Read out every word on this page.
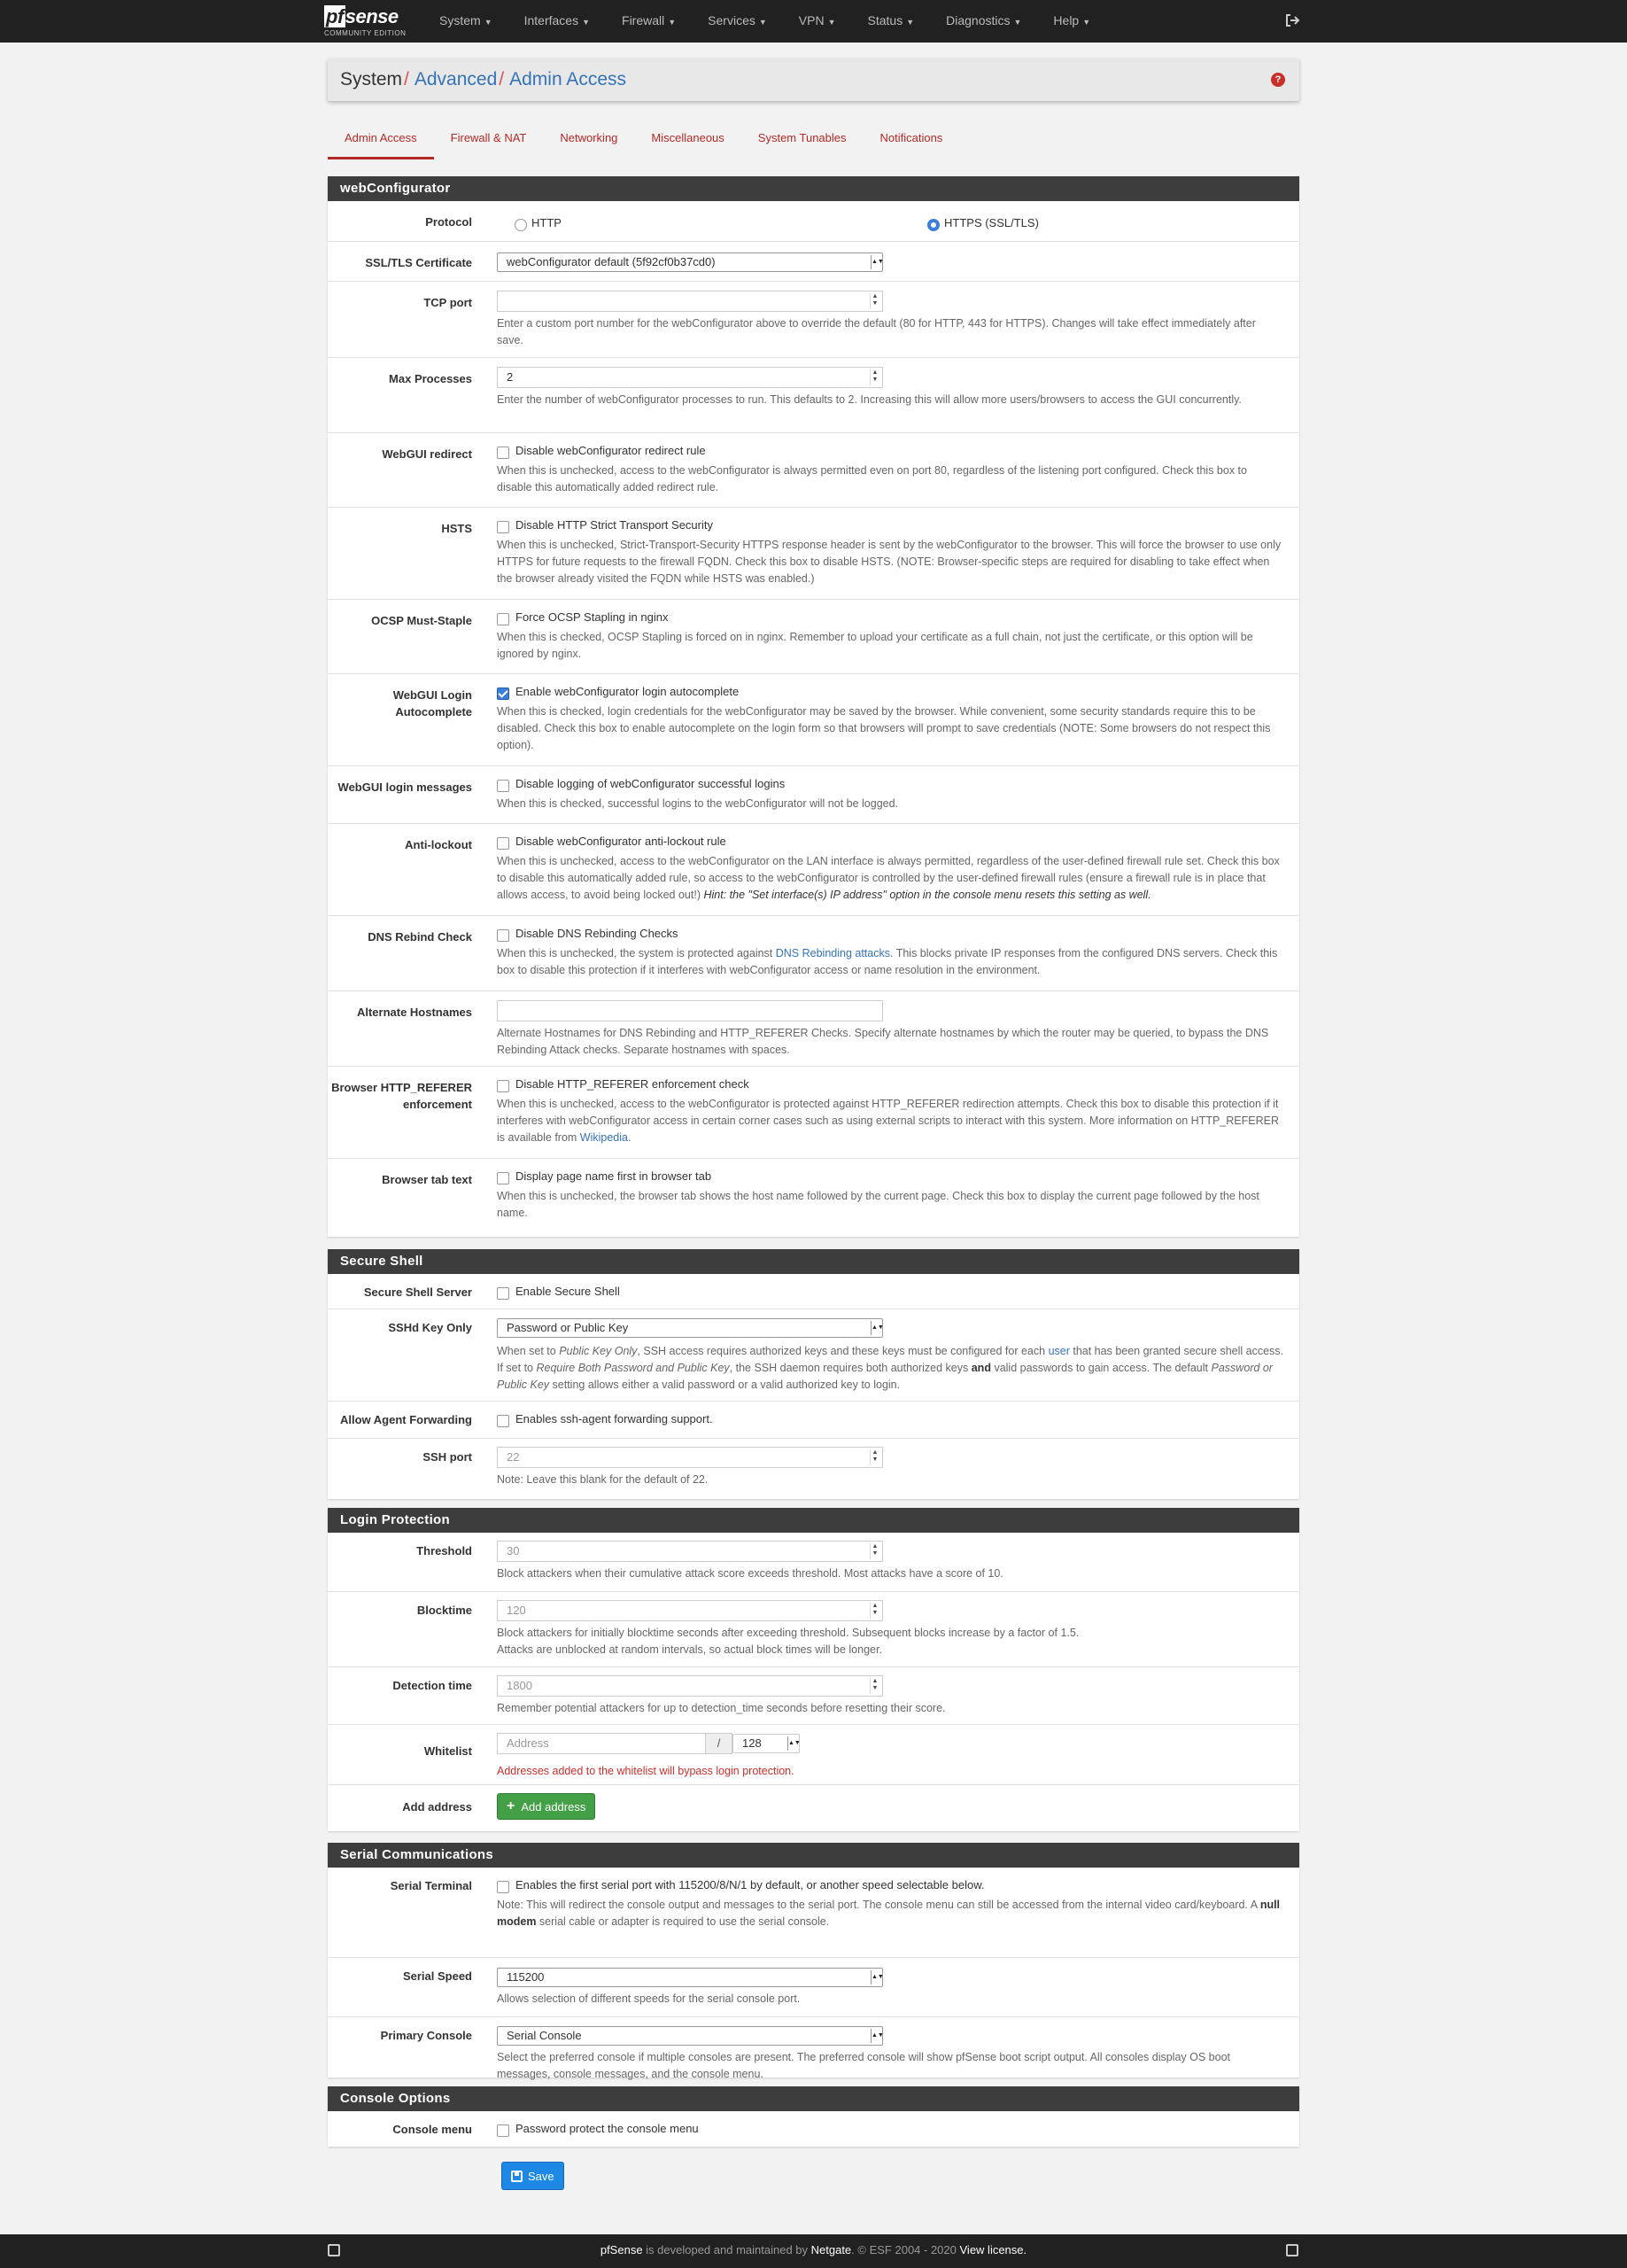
pfsense
COMMUNITY EDITION
System ▼	Interfaces ▼	Firewall ▼	Services ▼	VPN ▼	Status ▼	Diagnostics ▼	Help ▼
System/ Advanced/ Admin Access	?
Admin Access	Firewall & NAT	Networking	Miscellaneous	System Tunables	Notifications
webConfigurator
Protocol	HTTP	HTTPS (SSL/TLS)
SSL/TLS Certificate	webConfigurator default (5f92cf0b37cd0)	▲▼
TCP port	▲
▼
Enter a custom port number for the webConfigurator above to override the default (80 for HTTP, 443 for HTTPS). Changes will take effect immediately after save.
Max Processes	2	▲
▼
Enter the number of webConfigurator processes to run. This defaults to 2. Increasing this will allow more users/browsers to access the GUI concurrently.
WebGUI redirect	Disable webConfigurator redirect rule
When this is unchecked, access to the webConfigurator is always permitted even on port 80, regardless of the listening port configured. Check this box to disable this automatically added redirect rule.
HSTS	Disable HTTP Strict Transport Security
When this is unchecked, Strict-Transport-Security HTTPS response header is sent by the webConfigurator to the browser. This will force the browser to use only HTTPS for future requests to the firewall FQDN. Check this box to disable HSTS. (NOTE: Browser-specific steps are required for disabling to take effect when the browser already visited the FQDN while HSTS was enabled.)
OCSP Must-Staple	Force OCSP Stapling in nginx
When this is checked, OCSP Stapling is forced on in nginx. Remember to upload your certificate as a full chain, not just the certificate, or this option will be ignored by nginx.
WebGUI Login
Autocomplete
Enable webConfigurator login autocomplete
When this is checked, login credentials for the webConfigurator may be saved by the browser. While convenient, some security standards require this to be disabled. Check this box to enable autocomplete on the login form so that browsers will prompt to save credentials (NOTE: Some browsers do not respect this option).
WebGUI login messages	Disable logging of webConfigurator successful logins
When this is checked, successful logins to the webConfigurator will not be logged.
Anti-lockout	Disable webConfigurator anti-lockout rule
When this is unchecked, access to the webConfigurator on the LAN interface is always permitted, regardless of the user-defined firewall rule set. Check this box to disable this automatically added rule, so access to the webConfigurator is controlled by the user-defined firewall rules (ensure a firewall rule is in place that allows access, to avoid being locked out!) Hint: the "Set interface(s) IP address" option in the console menu resets this setting as well.
DNS Rebind Check	Disable DNS Rebinding Checks
When this is unchecked, the system is protected against DNS Rebinding attacks. This blocks private IP responses from the configured DNS servers. Check this box to disable this protection if it interferes with webConfigurator access or name resolution in the environment.
Alternate Hostnames
Alternate Hostnames for DNS Rebinding and HTTP_REFERER Checks. Specify alternate hostnames by which the router may be queried, to bypass the DNS Rebinding Attack checks. Separate hostnames with spaces.
Browser HTTP_REFERER
enforcement
Disable HTTP_REFERER enforcement check
When this is unchecked, access to the webConfigurator is protected against HTTP_REFERER redirection attempts. Check this box to disable this protection if it interferes with webConfigurator access in certain corner cases such as using external scripts to interact with this system. More information on HTTP_REFERER is available from Wikipedia.
Browser tab text	Display page name first in browser tab
When this is unchecked, the browser tab shows the host name followed by the current page. Check this box to display the current page followed by the host name.
Secure Shell
Secure Shell Server	Enable Secure Shell
SSHd Key Only	Password or Public Key	▲▼
When set to Public Key Only, SSH access requires authorized keys and these keys must be configured for each user that has been granted secure shell access. If set to Require Both Password and Public Key, the SSH daemon requires both authorized keys and valid passwords to gain access. The default Password or Public Key setting allows either a valid password or a valid authorized key to login.
Allow Agent Forwarding	Enables ssh-agent forwarding support.
SSH port	22	▲
▼
Note: Leave this blank for the default of 22.
Login Protection
Threshold	30	▲
▼
Block attackers when their cumulative attack score exceeds threshold. Most attacks have a score of 10.
Blocktime	120	▲
▼
Block attackers for initially blocktime seconds after exceeding threshold. Subsequent blocks increase by a factor of 1.5.
Attacks are unblocked at random intervals, so actual block times will be longer.
Detection time	1800	▲
▼
Remember potential attackers for up to detection_time seconds before resetting their score.
Whitelist
Address	/	128	▲▼
Addresses added to the whitelist will bypass login protection.
Add address + Add address
Serial Communications
Serial Terminal	Enables the first serial port with 115200/8/N/1 by default, or another speed selectable below.
Note: This will redirect the console output and messages to the serial port. The console menu can still be accessed from the internal video card/keyboard. A null modem serial cable or adapter is required to use the serial console.
Serial Speed	115200	▲▼
Allows selection of different speeds for the serial console port.
Primary Console	Serial Console	▲▼
Select the preferred console if multiple consoles are present. The preferred console will show pfSense boot script output. All consoles display OS boot messages, console messages, and the console menu.
Console Options
Console menu	Password protect the console menu
Save
pfSense is developed and maintained by Netgate. © ESF 2004 - 2020 View license.
